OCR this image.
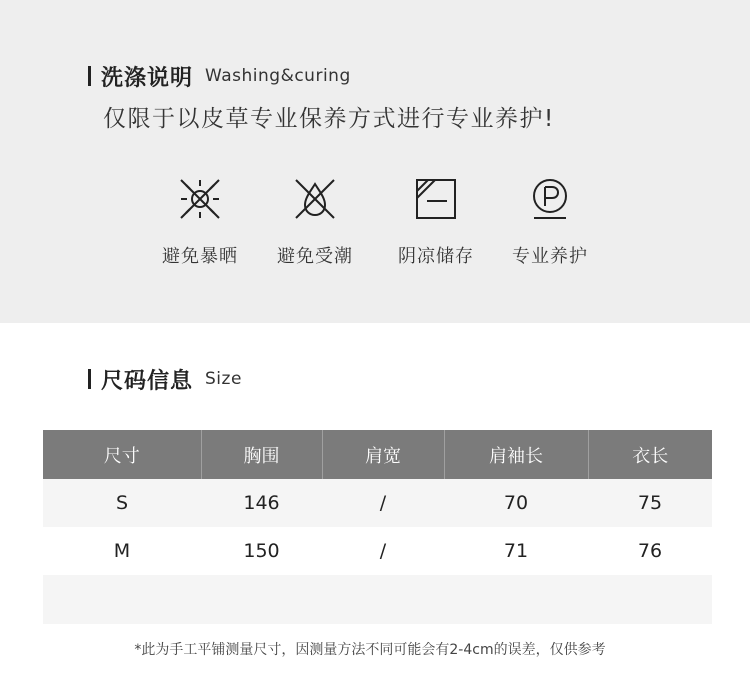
洗涤说明 Washing&curing
仅限于以皮草专业保养方式进行专业养护!
避免暴晒	避免受潮	阴凉储存	专业养护
尺码信息 Size
尺寸	胸围	肩宽	肩袖长	衣长
S	146	/	70	75
M	150	/	71	76

*此为手工平铺测量尺寸，因测量方法不同可能会有2-4cm的误差，仅供参考
